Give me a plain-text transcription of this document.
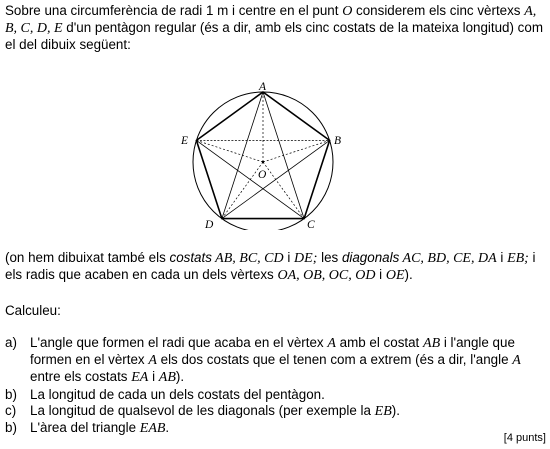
Sobre una circumferència de radi 1 m i centre en el punt O considerem els cinc vèrtexs A, B, C, D, E d'un pentàgon regular (és a dir, amb els cinc costats de la mateixa longitud) com el del dibuix següent:

A
B
C
D
E
O

(on hem dibuixat també els costats AB, BC, CD i DE; les diagonals AC, BD, CE, DA i EB; i els radis que acaben en cada un dels vèrtexs OA, OB, OC, OD i OE).

Calculeu:

a) L'angle que formen el radi que acaba en el vèrtex A amb el costat AB i l'angle que formen en el vèrtex A els dos costats que el tenen com a extrem (és a dir, l'angle A entre els costats EA i AB).
b) La longitud de cada un dels costats del pentàgon.
c) La longitud de qualsevol de les diagonals (per exemple la EB).
b) L'àrea del triangle EAB.
[4 punts]
